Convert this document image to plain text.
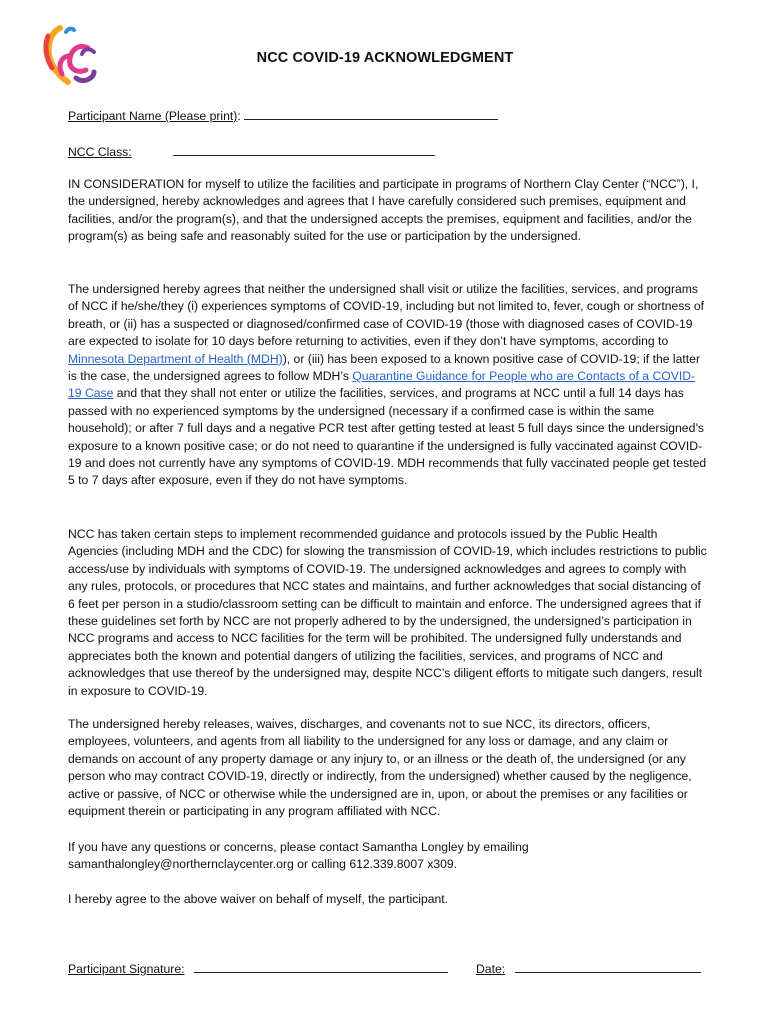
NCC COVID-19 ACKNOWLEDGMENT
Participant Name (Please print):
NCC Class:

IN CONSIDERATION for myself to utilize the facilities and participate in programs of Northern Clay Center (“NCC”), I, the undersigned, hereby acknowledges and agrees that I have carefully considered such premises, equipment and facilities, and/or the program(s), and that the undersigned accepts the premises, equipment and facilities, and/or the program(s) as being safe and reasonably suited for the use or participation by the undersigned.

The undersigned hereby agrees that neither the undersigned shall visit or utilize the facilities, services, and programs of NCC if he/she/they (i) experiences symptoms of COVID-19, including but not limited to, fever, cough or shortness of breath, or (ii) has a suspected or diagnosed/confirmed case of COVID-19 (those with diagnosed cases of COVID-19 are expected to isolate for 10 days before returning to activities, even if they don’t have symptoms, according to Minnesota Department of Health (MDH)), or (iii) has been exposed to a known positive case of COVID-19; if the latter is the case, the undersigned agrees to follow MDH’s Quarantine Guidance for People who are Contacts of a COVID-19 Case and that they shall not enter or utilize the facilities, services, and programs at NCC until a full 14 days has passed with no experienced symptoms by the undersigned (necessary if a confirmed case is within the same household); or after 7 full days and a negative PCR test after getting tested at least 5 full days since the undersigned’s exposure to a known positive case; or do not need to quarantine if the undersigned is fully vaccinated against COVID-19 and does not currently have any symptoms of COVID-19. MDH recommends that fully vaccinated people get tested 5 to 7 days after exposure, even if they do not have symptoms.

NCC has taken certain steps to implement recommended guidance and protocols issued by the Public Health Agencies (including MDH and the CDC) for slowing the transmission of COVID-19, which includes restrictions to public access/use by individuals with symptoms of COVID-19. The undersigned acknowledges and agrees to comply with any rules, protocols, or procedures that NCC states and maintains, and further acknowledges that social distancing of 6 feet per person in a studio/classroom setting can be difficult to maintain and enforce. The undersigned agrees that if these guidelines set forth by NCC are not properly adhered to by the undersigned, the undersigned’s participation in NCC programs and access to NCC facilities for the term will be prohibited. The undersigned fully understands and appreciates both the known and potential dangers of utilizing the facilities, services, and programs of NCC and acknowledges that use thereof by the undersigned may, despite NCC’s diligent efforts to mitigate such dangers, result in exposure to COVID-19.

The undersigned hereby releases, waives, discharges, and covenants not to sue NCC, its directors, officers, employees, volunteers, and agents from all liability to the undersigned for any loss or damage, and any claim or demands on account of any property damage or any injury to, or an illness or the death of, the undersigned (or any person who may contract COVID-19, directly or indirectly, from the undersigned) whether caused by the negligence, active or passive, of NCC or otherwise while the undersigned are in, upon, or about the premises or any facilities or equipment therein or participating in any program affiliated with NCC.

If you have any questions or concerns, please contact Samantha Longley by emailing samanthalongley@northernclaycenter.org or calling 612.339.8007 x309.

I hereby agree to the above waiver on behalf of myself, the participant.

Participant Signature:	Date:
